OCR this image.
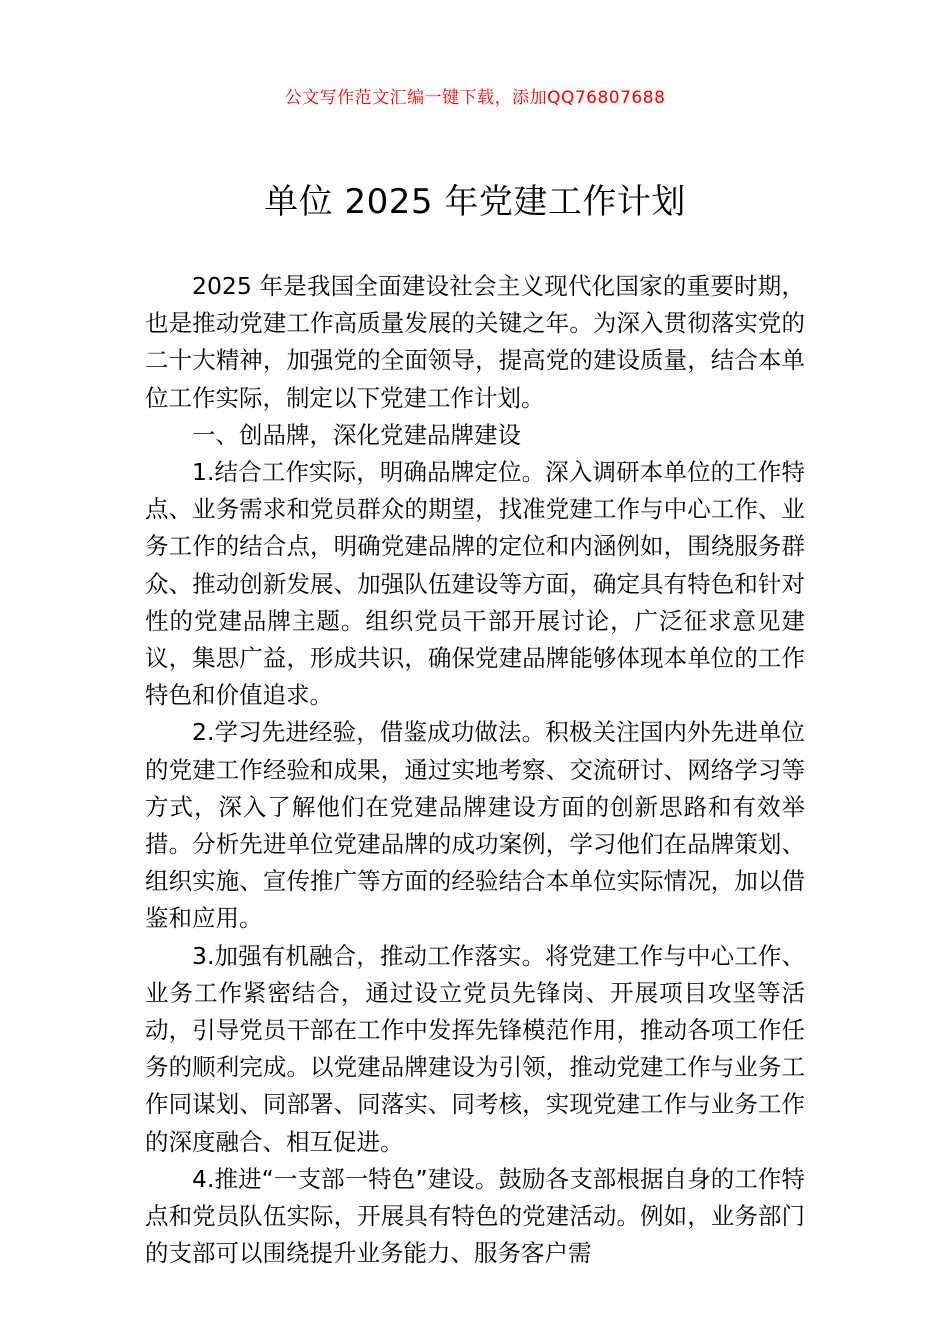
公文写作范文汇编一键下载，添加QQ76807688
单位 2025 年党建工作计划

2025 年是我国全面建设社会主义现代化国家的重要时期，也是推动党建工作高质量发展的关键之年。为深入贯彻落实党的二十大精神，加强党的全面领导，提高党的建设质量，结合本单位工作实际，制定以下党建工作计划。

一、创品牌，深化党建品牌建设

1.结合工作实际，明确品牌定位。深入调研本单位的工作特点、业务需求和党员群众的期望，找准党建工作与中心工作、业务工作的结合点，明确党建品牌的定位和内涵例如，围绕服务群众、推动创新发展、加强队伍建设等方面，确定具有特色和针对性的党建品牌主题。组织党员干部开展讨论，广泛征求意见建议，集思广益，形成共识，确保党建品牌能够体现本单位的工作特色和价值追求。

2.学习先进经验，借鉴成功做法。积极关注国内外先进单位的党建工作经验和成果，通过实地考察、交流研讨、网络学习等方式，深入了解他们在党建品牌建设方面的创新思路和有效举措。分析先进单位党建品牌的成功案例，学习他们在品牌策划、组织实施、宣传推广等方面的经验结合本单位实际情况，加以借鉴和应用。

3.加强有机融合，推动工作落实。将党建工作与中心工作、业务工作紧密结合，通过设立党员先锋岗、开展项目攻坚等活动，引导党员干部在工作中发挥先锋模范作用，推动各项工作任务的顺利完成。以党建品牌建设为引领，推动党建工作与业务工作同谋划、同部署、同落实、同考核，实现党建工作与业务工作的深度融合、相互促进。

4.推进“一支部一特色”建设。鼓励各支部根据自身的工作特点和党员队伍实际，开展具有特色的党建活动。例如，业务部门的支部可以围绕提升业务能力、服务客户需
